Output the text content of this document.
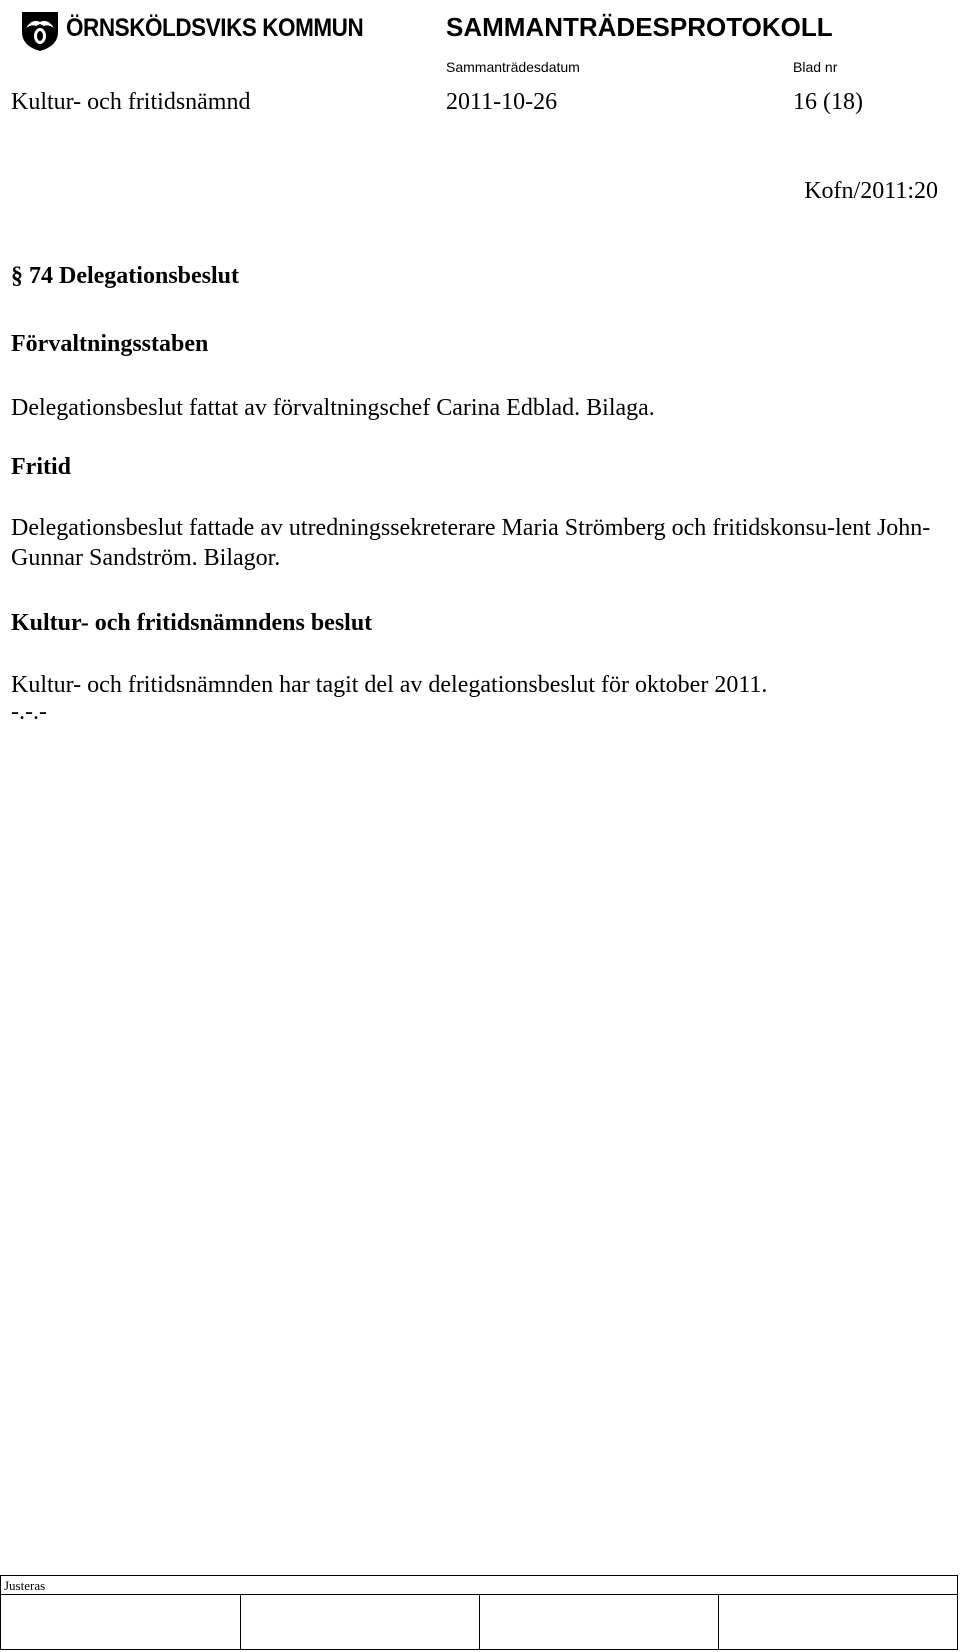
ÖRNSKÖLDSVIKS KOMMUN	SAMMANTRÄDESPROTOKOLL
Sammanträdesdatum	Blad nr
Kultur- och fritidsnämnd	2011-10-26	16 (18)
Kofn/2011:20
§ 74 Delegationsbeslut
Förvaltningsstaben
Delegationsbeslut fattat av förvaltningschef Carina Edblad. Bilaga.
Fritid
Delegationsbeslut fattade av utredningssekreterare Maria Strömberg och fritidskonsu-lent John-Gunnar Sandström. Bilagor.
Kultur- och fritidsnämndens beslut
Kultur- och fritidsnämnden har tagit del av delegationsbeslut för oktober 2011.
-.-.-
Justeras
